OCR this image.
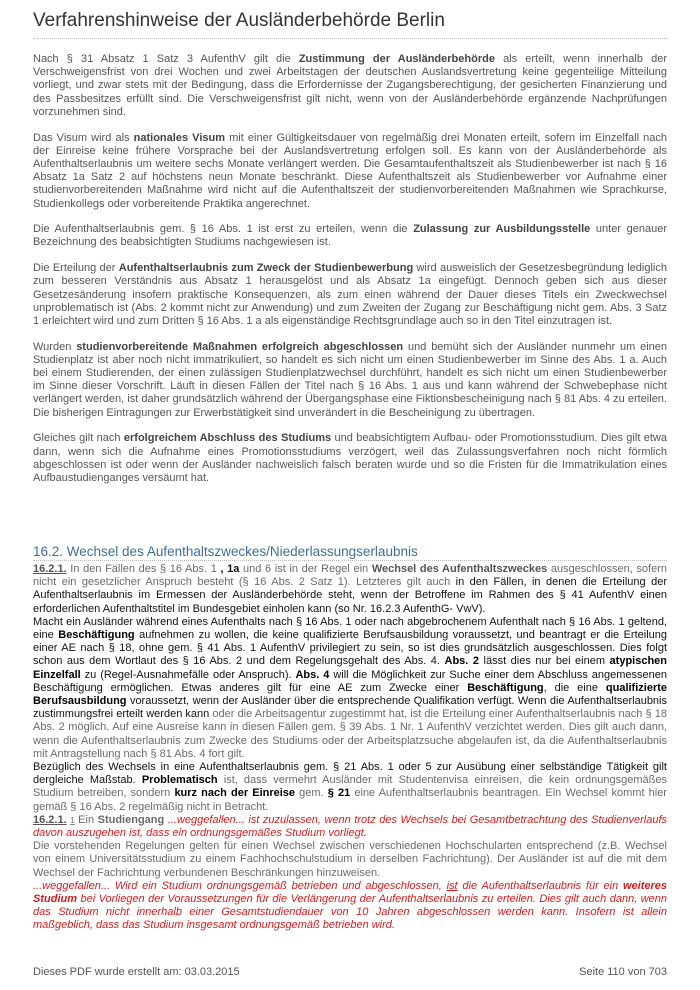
Verfahrenshinweise der Ausländerbehörde Berlin

Nach § 31 Absatz 1 Satz 3 AufenthV gilt die Zustimmung der Ausländerbehörde als erteilt, wenn innerhalb der Verschweigensfrist von drei Wochen und zwei Arbeitstagen der deutschen Auslandsvertretung keine gegenteilige Mitteilung vorliegt, und zwar stets mit der Bedingung, dass die Erfordernisse der Zugangsberechtigung, der gesicherten Finanzierung und des Passbesitzes erfüllt sind. Die Verschweigensfrist gilt nicht, wenn von der Ausländerbehörde ergänzende Nachprüfungen vorzunehmen sind.

Das Visum wird als nationales Visum mit einer Gültigkeitsdauer von regelmäßig drei Monaten erteilt, sofern im Einzelfall nach der Einreise keine frühere Vorsprache bei der Auslandsvertretung erfolgen soll. Es kann von der Ausländerbehörde als Aufenthaltserlaubnis um weitere sechs Monate verlängert werden. Die Gesamtaufenthaltszeit als Studienbewerber ist nach § 16 Absatz 1a Satz 2 auf höchstens neun Monate beschränkt. Diese Aufenthaltszeit als Studienbewerber vor Aufnahme einer studienvorbereitenden Maßnahme wird nicht auf die Aufenthaltszeit der studienvorbereitenden Maßnahmen wie Sprachkurse, Studienkollegs oder vorbereitende Praktika angerechnet.

Die Aufenthaltserlaubnis gem. § 16 Abs. 1 ist erst zu erteilen, wenn die Zulassung zur Ausbildungsstelle unter genauer Bezeichnung des beabsichtigten Studiums nachgewiesen ist.

Die Erteilung der Aufenthaltserlaubnis zum Zweck der Studienbewerbung wird ausweislich der Gesetzesbegründung lediglich zum besseren Verständnis aus Absatz 1 herausgelöst und als Absatz 1a eingefügt. Dennoch geben sich aus dieser Gesetzesänderung insofern praktische Konsequenzen, als zum einen während der Dauer dieses Titels ein Zweckwechsel unproblematisch ist (Abs. 2 kommt nicht zur Anwendung) und zum Zweiten der Zugang zur Beschäftigung nicht gem. Abs. 3 Satz 1 erleichtert wird und zum Dritten § 16 Abs. 1 a als eigenständige Rechtsgrundlage auch so in den Titel einzutragen ist.

Wurden studienvorbereitende Maßnahmen erfolgreich abgeschlossen und bemüht sich der Ausländer nunmehr um einen Studienplatz ist aber noch nicht immatrikuliert, so handelt es sich nicht um einen Studienbewerber im Sinne des Abs. 1 a. Auch bei einem Studierenden, der einen zulässigen Studienplatzwechsel durchführt, handelt es sich nicht um einen Studienbewerber im Sinne dieser Vorschrift. Läuft in diesen Fällen der Titel nach § 16 Abs. 1 aus und kann während der Schwebephase nicht verlängert werden, ist daher grundsätzlich während der Übergangsphase eine Fiktionsbescheinigung nach § 81 Abs. 4 zu erteilen. Die bisherigen Eintragungen zur Erwerbstätigkeit sind unverändert in die Bescheinigung zu übertragen.

Gleiches gilt nach erfolgreichem Abschluss des Studiums und beabsichtigtem Aufbau- oder Promotionsstudium. Dies gilt etwa dann, wenn sich die Aufnahme eines Promotionsstudiums verzögert, weil das Zulassungsverfahren noch nicht förmlich abgeschlossen ist oder wenn der Ausländer nachweislich falsch beraten wurde und so die Fristen für die Immatrikulation eines Aufbaustudienganges versäumt hat.

16.2. Wechsel des Aufenthaltszweckes/Niederlassungserlaubnis
16.2.1. In den Fällen des § 16 Abs. 1 , 1a und 6 ist in der Regel ein Wechsel des Aufenthaltszweckes ausgeschlossen, sofern nicht ein gesetzlicher Anspruch besteht (§ 16 Abs. 2 Satz 1). Letzteres gilt auch in den Fällen, in denen die Erteilung der Aufenthaltserlaubnis im Ermessen der Ausländerbehörde steht, wenn der Betroffene im Rahmen des § 41 AufenthV einen erforderlichen Aufenthaltstitel im Bundesgebiet einholen kann (so Nr. 16.2.3 AufenthG- VwV).
Macht ein Ausländer während eines Aufenthalts nach § 16 Abs. 1 oder nach abgebrochenem Aufenthalt nach § 16 Abs. 1 geltend, eine Beschäftigung aufnehmen zu wollen, die keine qualifizierte Berufsausbildung voraussetzt, und beantragt er die Erteilung einer AE nach § 18, ohne gem. § 41 Abs. 1 AufenthV privilegiert zu sein, so ist dies grundsätzlich ausgeschlossen. Dies folgt schon aus dem Wortlaut des § 16 Abs. 2 und dem Regelungsgehalt des Abs. 4. Abs. 2 lässt dies nur bei einem atypischen Einzelfall zu (Regel-Ausnahmefälle oder Anspruch). Abs. 4 will die Möglichkeit zur Suche einer dem Abschluss angemessenen Beschäftigung ermöglichen. Etwas anderes gilt für eine AE zum Zwecke einer Beschäftigung, die eine qualifizierte Berufsausbildung voraussetzt, wenn der Ausländer über die entsprechende Qualifikation verfügt. Wenn die Aufenthaltserlaubnis zustimmungsfrei erteilt werden kann oder die Arbeitsagentur zugestimmt hat, ist die Erteilung einer Aufenthaltserlaubnis nach § 18 Abs. 2 möglich. Auf eine Ausreise kann in diesen Fällen gem. § 39 Abs. 1 Nr. 1 AufenthV verzichtet werden. Dies gilt auch dann, wenn die Aufenthaltserlaubnis zum Zwecke des Studiums oder der Arbeitsplatzsuche abgelaufen ist, da die Aufenthaltserlaubnis mit Antragstellung nach § 81 Abs. 4 fort gilt.
Bezüglich des Wechsels in eine Aufenthaltserlaubnis gem. § 21 Abs. 1 oder 5 zur Ausübung einer selbständige Tätigkeit gilt dergleiche Maßstab. Problematisch ist, dass vermehrt Ausländer mit Studentenvisa einreisen, die kein ordnungsgemäßes Studium betreiben, sondern kurz nach der Einreise gem. § 21 eine Aufenthaltserlaubnis beantragen. Ein Wechsel kommt hier gemäß § 16 Abs. 2 regelmäßig nicht in Betracht.
16.2.1. 1 Ein Studiengang ...weggefallen... ist zuzulassen, wenn trotz des Wechsels bei Gesamtbetrachtung des Studienverlaufs davon auszugehen ist, dass ein ordnungsgemäßes Studium vorliegt.
Die vorstehenden Regelungen gelten für einen Wechsel zwischen verschiedenen Hochschularten entsprechend (z.B. Wechsel von einem Universitätsstudium zu einem Fachhochschulstudium in derselben Fachrichtung). Der Ausländer ist auf die mit dem Wechsel der Fachrichtung verbundenen Beschränkungen hinzuweisen.
...weggefallen... Wird ein Studium ordnungsgemäß betrieben und abgeschlossen, ist die Aufenthaltserlaubnis für ein weiteres Studium bei Vorliegen der Voraussetzungen für die Verlängerung der Aufenthaltserlaubnis zu erteilen. Dies gilt auch dann, wenn das Studium nicht innerhalb einer Gesamtstudiendauer von 10 Jahren abgeschlossen werden kann. Insofern ist allein maßgeblich, dass das Studium insgesamt ordnungsgemäß betrieben wird.
Dieses PDF wurde erstellt am: 03.03.2015	Seite 110 von 703
